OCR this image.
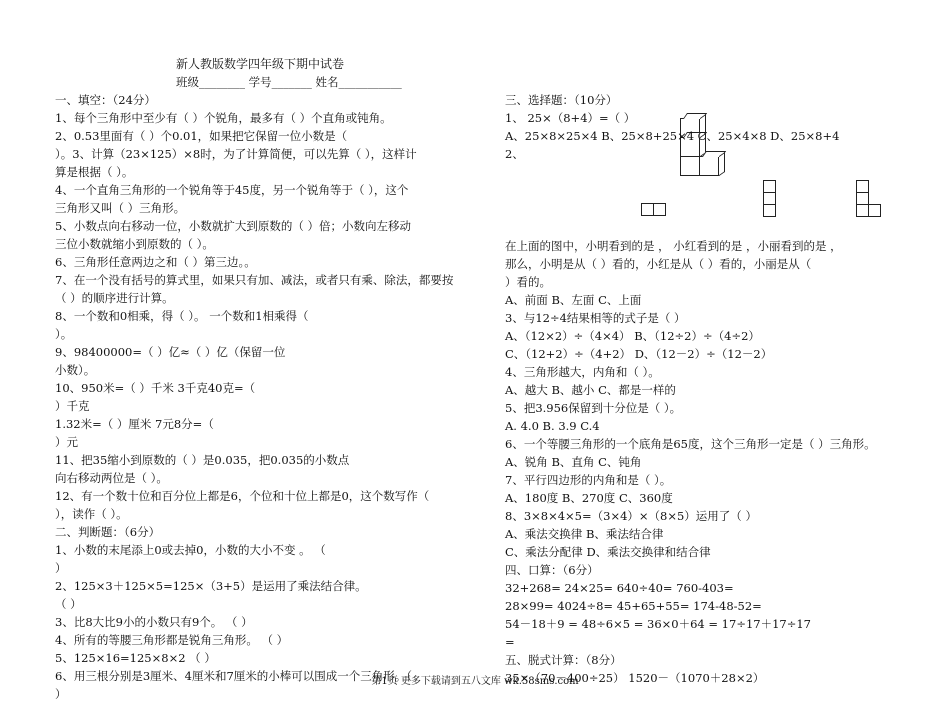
新人教版数学四年级下期中试卷
班级________ 学号_______ 姓名___________
一、填空：（24分）
1、每个三角形中至少有（ ）个锐角，最多有（ ）个直角或钝角。
2、0.53里面有（ ）个0.01，如果把它保留一位小数是（
）。3、计算（23×125）×8时，为了计算简便，可以先算（ ），这样计
算是根据（ ）。
4、一个直角三角形的一个锐角等于45度，另一个锐角等于（ ），这个
三角形又叫（ ）三角形。
5、小数点向右移动一位，小数就扩大到原数的（ ）倍；小数向左移动
三位小数就缩小到原数的（ ）。
6、三角形任意两边之和（ ）第三边。。
7、在一个没有括号的算式里，如果只有加、减法，或者只有乘、除法，都要按
（ ）的顺序进行计算。
8、一个数和0相乘，得（ ）。 一个数和1相乘得（
）。
9、98400000=（ ）亿≈（ ）亿（保留一位
小数）。
10、950米=（ ）千米 3千克40克=（
）千克
1.32米=（ ）厘米 7元8分=（
）元
11、把35缩小到原数的（ ）是0.035，把0.035的小数点
向右移动两位是（ ）。
12、有一个数十位和百分位上都是6，个位和十位上都是0，这个数写作（
），读作（ ）。
二、判断题：（6分）
1、小数的末尾添上0或去掉0，小数的大小不变 。 （
）
2、125×3＋125×5=125×（3+5）是运用了乘法结合律。
（ ）
3、比8大比9小的小数只有9个。 （ ）
4、所有的等腰三角形都是锐角三角形。 （ ）
5、125×16=125×8×2 （ ）
6、用三根分别是3厘米、4厘米和7厘米的小棒可以围成一个三角形。（
）
三、选择题：（10分）
1、 25×（8+4）=（ ）
A、25×8×25×4 B、25×8+25×4 C、25×4×8 D、25×8+4
2、
在上面的图中，小明看到的是 ， 小红看到的是 ，小丽看到的是 ，
那么，小明是从（ ）看的，小红是从（ ）看的，小丽是从（
）看的。
A、前面 B、左面 C、上面
3、与12÷4结果相等的式子是（ ）
A、（12×2）÷（4×4） B、（12÷2）÷（4÷2）
C、（12+2）÷（4+2） D、（12－2）÷（12－2）
4、三角形越大，内角和（ ）。
A、越大 B、越小 C、都是一样的
5、把3.956保留到十分位是（ ）。
A. 4.0 B. 3.9 C.4
6、一个等腰三角形的一个底角是65度，这个三角形一定是（ ）三角形。
A、锐角 B、直角 C、钝角
7、平行四边形的内角和是（ ）。
A、180度 B、270度 C、360度
8、3×8×4×5=（3×4）×（8×5）运用了（ ）
A、乘法交换律 B、乘法结合律
C、乘法分配律 D、乘法交换律和结合律
四、口算：（6分）
32+268= 24×25= 640÷40= 760-403=
28×99= 4024÷8= 45+65+55= 174-48-52=
54－18＋9 = 48÷6×5 = 36×0＋64 = 17÷17＋17÷17
=
五、脱式计算：（8分）
35×（70－400÷25） 1520－（1070＋28×2）
第1页 更多下载请到五八文库 wk.58sms.com
